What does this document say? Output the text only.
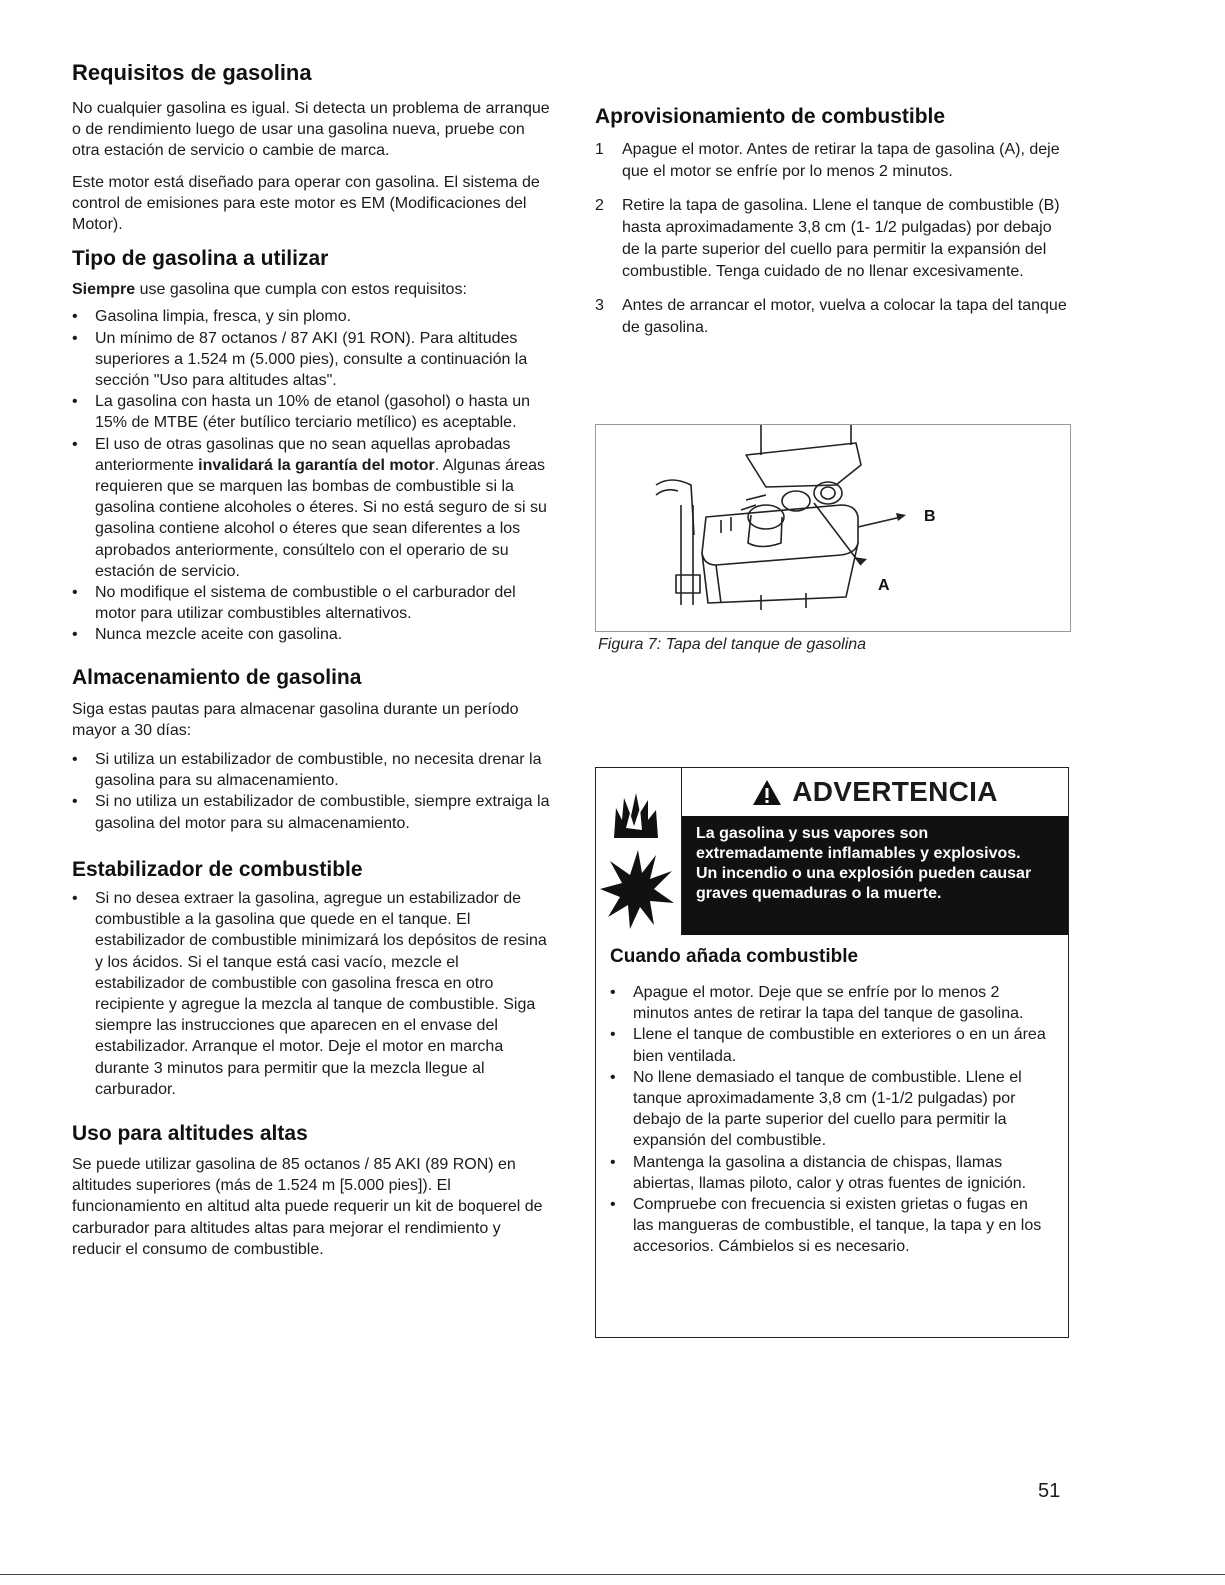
Requisitos de gasolina

No cualquier gasolina es igual. Si detecta un problema de arranque o de rendimiento luego de usar una gasolina nueva, pruebe con otra estación de servicio o cambie de marca.

Este motor está diseñado para operar con gasolina. El sistema de control de emisiones para este motor es EM (Modificaciones del Motor).

Tipo de gasolina a utilizar

Siempre use gasolina que cumpla con estos requisitos:

• Gasolina limpia, fresca, y sin plomo.
• Un mínimo de 87 octanos / 87 AKI (91 RON). Para altitudes superiores a 1.524 m (5.000 pies), consulte a continuación la sección "Uso para altitudes altas".
• La gasolina con hasta un 10% de etanol (gasohol) o hasta un 15% de MTBE (éter butílico terciario metílico) es aceptable.
• El uso de otras gasolinas que no sean aquellas aprobadas anteriormente invalidará la garantía del motor. Algunas áreas requieren que se marquen las bombas de combustible si la gasolina contiene alcoholes o éteres. Si no está seguro de si su gasolina contiene alcohol o éteres que sean diferentes a los aprobados anteriormente, consúltelo con el operario de su estación de servicio.
• No modifique el sistema de combustible o el carburador del motor para utilizar combustibles alternativos.
• Nunca mezcle aceite con gasolina.
Almacenamiento de gasolina

Siga estas pautas para almacenar gasolina durante un período mayor a 30 días:

• Si utiliza un estabilizador de combustible, no necesita drenar la gasolina para su almacenamiento.
• Si no utiliza un estabilizador de combustible, siempre extraiga la gasolina del motor para su almacenamiento.
Estabilizador de combustible
• Si no desea extraer la gasolina, agregue un estabilizador de combustible a la gasolina que quede en el tanque. El estabilizador de combustible minimizará los depósitos de resina y los ácidos. Si el tanque está casi vacío, mezcle el estabilizador de combustible con gasolina fresca en otro recipiente y agregue la mezcla al tanque de combustible. Siga siempre las instrucciones que aparecen en el envase del estabilizador. Arranque el motor. Deje el motor en marcha durante 3 minutos para permitir que la mezcla llegue al carburador.
Uso para altitudes altas

Se puede utilizar gasolina de 85 octanos / 85 AKI (89 RON) en altitudes superiores (más de 1.524 m [5.000 pies]). El funcionamiento en altitud alta puede requerir un kit de boquerel de carburador para altitudes altas para mejorar el rendimiento y reducir el consumo de combustible.

Aprovisionamiento de combustible
1 Apague el motor. Antes de retirar la tapa de gasolina (A), deje que el motor se enfríe por lo menos 2 minutos.
2 Retire la tapa de gasolina. Llene el tanque de combustible (B) hasta aproximadamente 3,8 cm (1- 1/2 pulgadas) por debajo de la parte superior del cuello para permitir la expansión del combustible. Tenga cuidado de no llenar excesivamente.
3 Antes de arrancar el motor, vuelva a colocar la tapa del tanque de gasolina.
B
A
Figura 7: Tapa del tanque de gasolina
ADVERTENCIA

La gasolina y sus vapores son extremadamente inflamables y explosivos.

Un incendio o una explosión pueden causar graves quemaduras o la muerte.

Cuando añada combustible
• Apague el motor. Deje que se enfríe por lo menos 2 minutos antes de retirar la tapa del tanque de gasolina.
• Llene el tanque de combustible en exteriores o en un área bien ventilada.
• No llene demasiado el tanque de combustible. Llene el tanque aproximadamente 3,8 cm (1-1/2 pulgadas) por debajo de la parte superior del cuello para permitir la expansión del combustible.
• Mantenga la gasolina a distancia de chispas, llamas abiertas, llamas piloto, calor y otras fuentes de ignición.
• Compruebe con frecuencia si existen grietas o fugas en las mangueras de combustible, el tanque, la tapa y en los accesorios. Cámbielos si es necesario.
51
